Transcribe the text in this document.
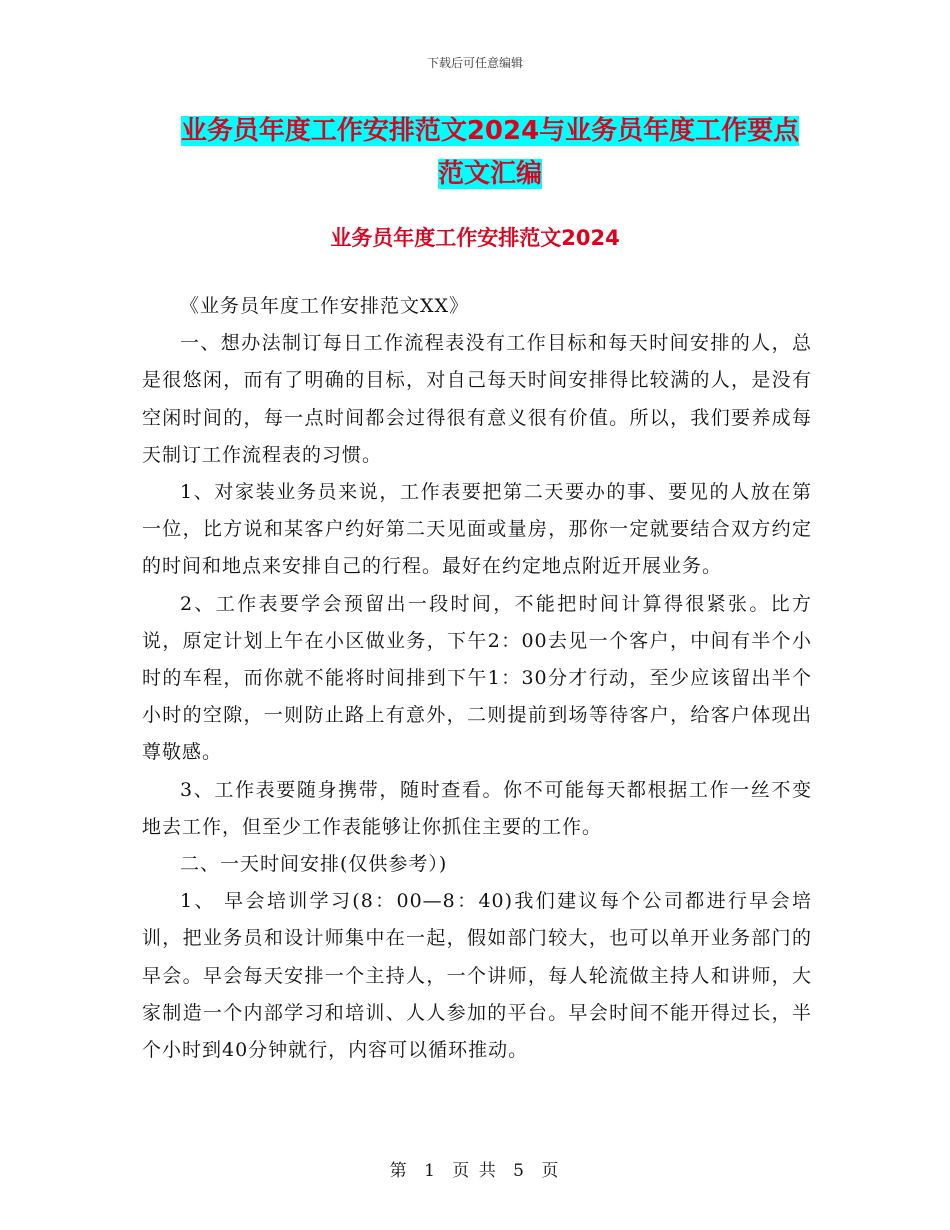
下载后可任意编辑
业务员年度工作安排范文2024与业务员年度工作要点
范文汇编
业务员年度工作安排范文2024

《业务员年度工作安排范文XX》

一、想办法制订每日工作流程表没有工作目标和每天时间安排的人，总是很悠闲，而有了明确的目标，对自己每天时间安排得比较满的人，是没有空闲时间的，每一点时间都会过得很有意义很有价值。所以，我们要养成每天制订工作流程表的习惯。

1、对家装业务员来说，工作表要把第二天要办的事、要见的人放在第一位，比方说和某客户约好第二天见面或量房，那你一定就要结合双方约定的时间和地点来安排自己的行程。最好在约定地点附近开展业务。

2、工作表要学会预留出一段时间，不能把时间计算得很紧张。比方说，原定计划上午在小区做业务，下午2：00去见一个客户，中间有半个小时的车程，而你就不能将时间排到下午1：30分才行动，至少应该留出半个小时的空隙，一则防止路上有意外，二则提前到场等待客户，给客户体现出尊敬感。

3、工作表要随身携带，随时查看。你不可能每天都根据工作一丝不变地去工作，但至少工作表能够让你抓住主要的工作。

二、一天时间安排(仅供参考）)

1、 早会培训学习(8：00—8：40)我们建议每个公司都进行早会培训，把业务员和设计师集中在一起，假如部门较大，也可以单开业务部门的早会。早会每天安排一个主持人，一个讲师，每人轮流做主持人和讲师，大家制造一个内部学习和培训、人人参加的平台。早会时间不能开得过长，半个小时到40分钟就行，内容可以循环推动。

第 1 页 共 5 页
